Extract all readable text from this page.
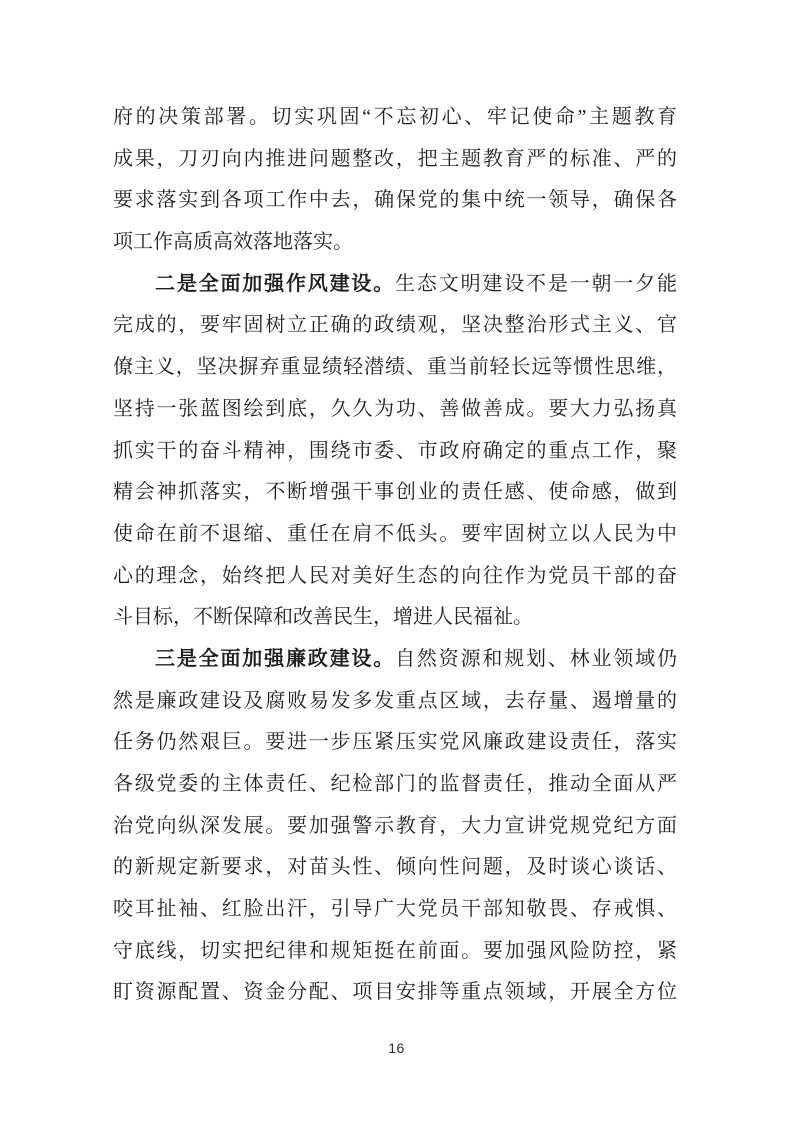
府的决策部署。切实巩固“不忘初心、牢记使命”主题教育
成果，刀刃向内推进问题整改，把主题教育严的标准、严的
要求落实到各项工作中去，确保党的集中统一领导，确保各
项工作高质高效落地落实。
二是全面加强作风建设。生态文明建设不是一朝一夕能
完成的，要牢固树立正确的政绩观，坚决整治形式主义、官
僚主义，坚决摒弃重显绩轻潜绩、重当前轻长远等惯性思维，
坚持一张蓝图绘到底，久久为功、善做善成。要大力弘扬真
抓实干的奋斗精神，围绕市委、市政府确定的重点工作，聚
精会神抓落实，不断增强干事创业的责任感、使命感，做到
使命在前不退缩、重任在肩不低头。要牢固树立以人民为中
心的理念，始终把人民对美好生态的向往作为党员干部的奋
斗目标，不断保障和改善民生，增进人民福祉。
三是全面加强廉政建设。自然资源和规划、林业领域仍
然是廉政建设及腐败易发多发重点区域，去存量、遏增量的
任务仍然艰巨。要进一步压紧压实党风廉政建设责任，落实
各级党委的主体责任、纪检部门的监督责任，推动全面从严
治党向纵深发展。要加强警示教育，大力宣讲党规党纪方面
的新规定新要求，对苗头性、倾向性问题，及时谈心谈话、
咬耳扯袖、红脸出汗，引导广大党员干部知敬畏、存戒惧、
守底线，切实把纪律和规矩挺在前面。要加强风险防控，紧
盯资源配置、资金分配、项目安排等重点领域，开展全方位
16
